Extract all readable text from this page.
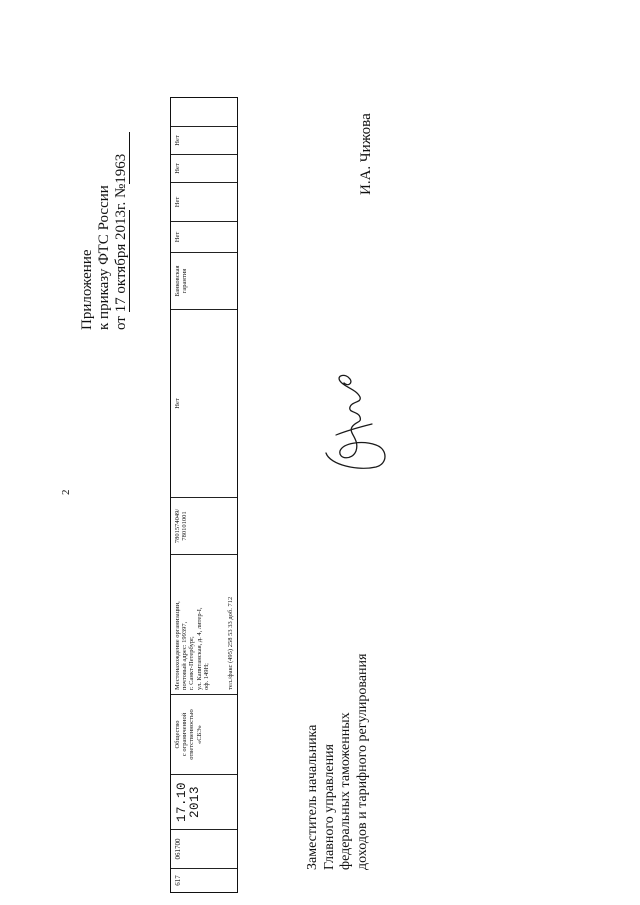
2
Приложение к приказу ФТС России от 17 октября 2013г. №1963
617
061700
17.10
2013
Общество с ограниченной ответственностью «СБЭ»
Местонахождение организации, почтовый адрес: 199397, г. Санкт-Петербург, ул. Капитанская, д. 4, литер-I, оф. 149Н;	тел./факс (495) 258 53 33 доб. 712
7801574049/ 780101001
Нет
Банковская гарантия
Нет
Нет
Нет
Нет
Заместитель начальника Главного управления федеральных таможенных доходов и тарифного регулирования
И.А. Чижова
